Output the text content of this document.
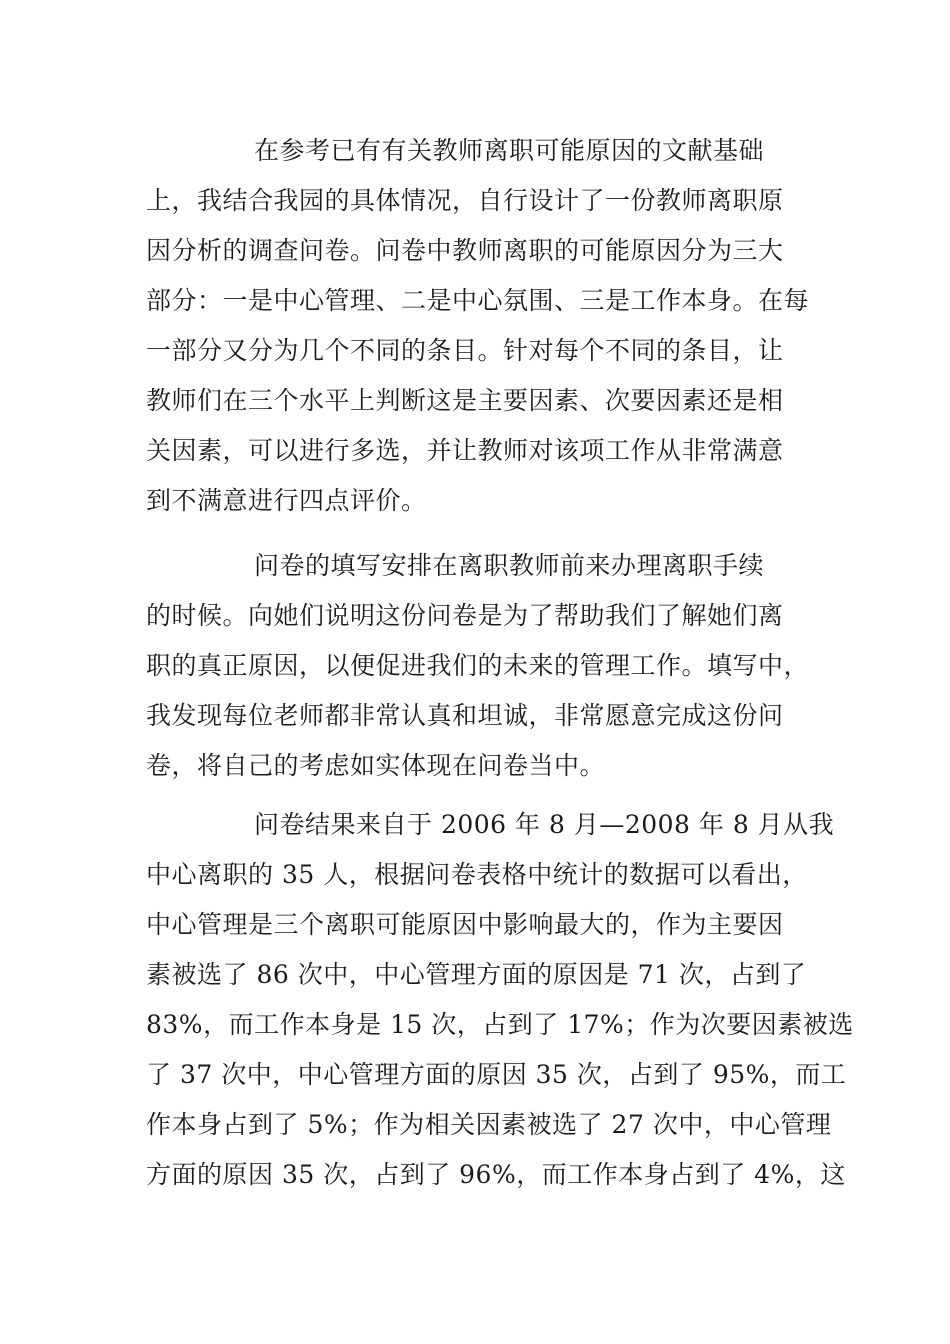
在参考已有有关教师离职可能原因的文献基础
上，我结合我园的具体情况，自行设计了一份教师离职原
因分析的调查问卷。问卷中教师离职的可能原因分为三大
部分：一是中心管理、二是中心氛围、三是工作本身。在每
一部分又分为几个不同的条目。针对每个不同的条目，让
教师们在三个水平上判断这是主要因素、次要因素还是相
关因素，可以进行多选，并让教师对该项工作从非常满意
到不满意进行四点评价。
问卷的填写安排在离职教师前来办理离职手续
的时候。向她们说明这份问卷是为了帮助我们了解她们离
职的真正原因，以便促进我们的未来的管理工作。填写中，
我发现每位老师都非常认真和坦诚，非常愿意完成这份问
卷，将自己的考虑如实体现在问卷当中。
问卷结果来自于 2006 年 8 月—2008 年 8 月从我
中心离职的 35 人，根据问卷表格中统计的数据可以看出，
中心管理是三个离职可能原因中影响最大的，作为主要因
素被选了 86 次中，中心管理方面的原因是 71 次，占到了
83%，而工作本身是 15 次，占到了 17%；作为次要因素被选
了 37 次中，中心管理方面的原因 35 次，占到了 95%，而工
作本身占到了 5%；作为相关因素被选了 27 次中，中心管理
方面的原因 35 次，占到了 96%，而工作本身占到了 4%，这
